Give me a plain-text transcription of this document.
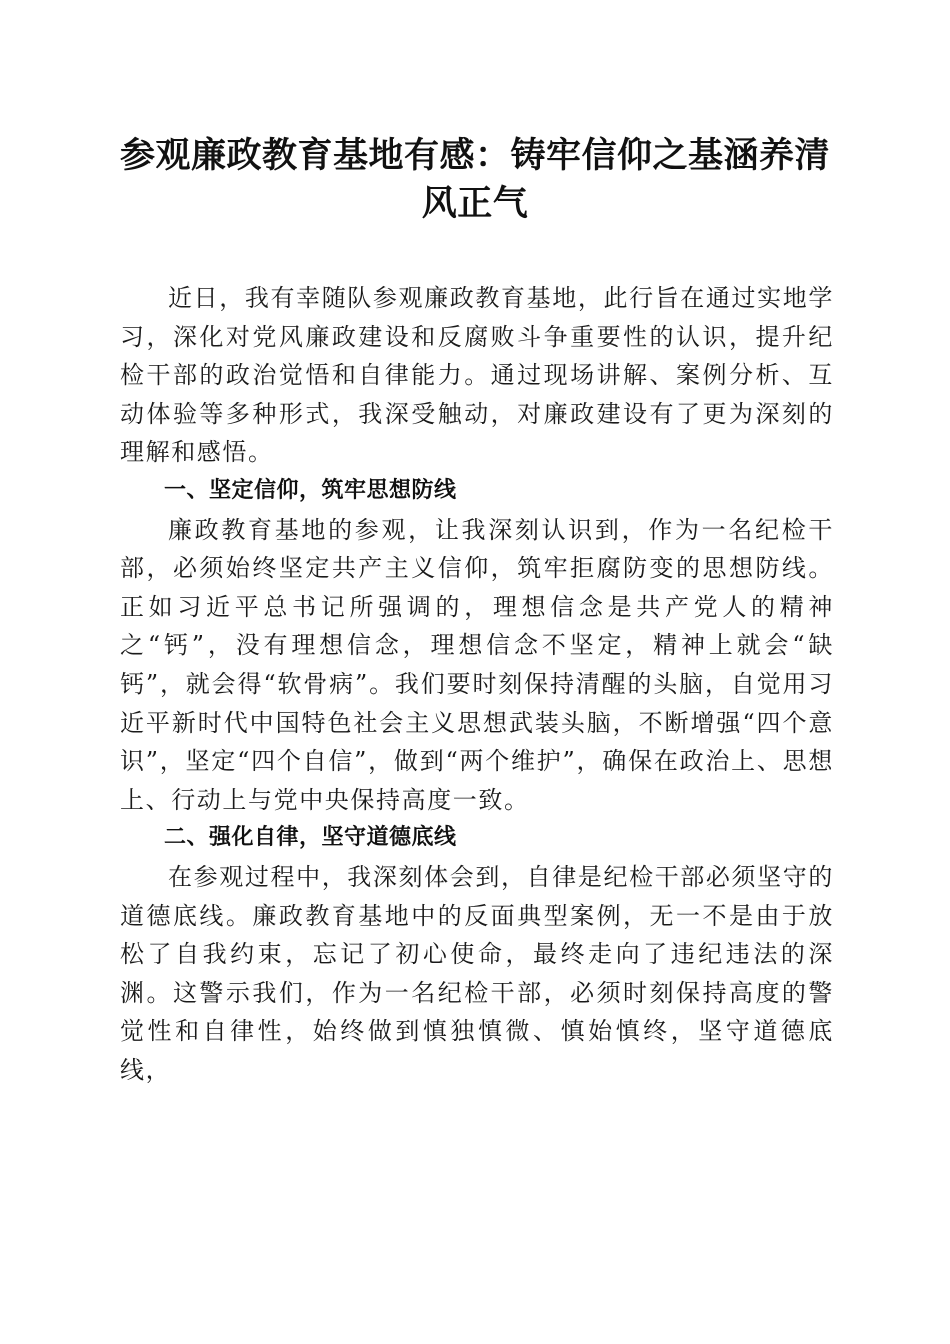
参观廉政教育基地有感：铸牢信仰之基涵养清风正气

近日，我有幸随队参观廉政教育基地，此行旨在通过实地学习，深化对党风廉政建设和反腐败斗争重要性的认识，提升纪检干部的政治觉悟和自律能力。通过现场讲解、案例分析、互动体验等多种形式，我深受触动，对廉政建设有了更为深刻的理解和感悟。

一、坚定信仰，筑牢思想防线

廉政教育基地的参观，让我深刻认识到，作为一名纪检干部，必须始终坚定共产主义信仰，筑牢拒腐防变的思想防线。正如习近平总书记所强调的，理想信念是共产党人的精神之“钙”，没有理想信念，理想信念不坚定，精神上就会“缺钙”，就会得“软骨病”。我们要时刻保持清醒的头脑，自觉用习近平新时代中国特色社会主义思想武装头脑，不断增强“四个意识”，坚定“四个自信”，做到“两个维护”，确保在政治上、思想上、行动上与党中央保持高度一致。

二、强化自律，坚守道德底线

在参观过程中，我深刻体会到，自律是纪检干部必须坚守的道德底线。廉政教育基地中的反面典型案例，无一不是由于放松了自我约束，忘记了初心使命，最终走向了违纪违法的深渊。这警示我们，作为一名纪检干部，必须时刻保持高度的警觉性和自律性，始终做到慎独慎微、慎始慎终，坚守道德底线，
